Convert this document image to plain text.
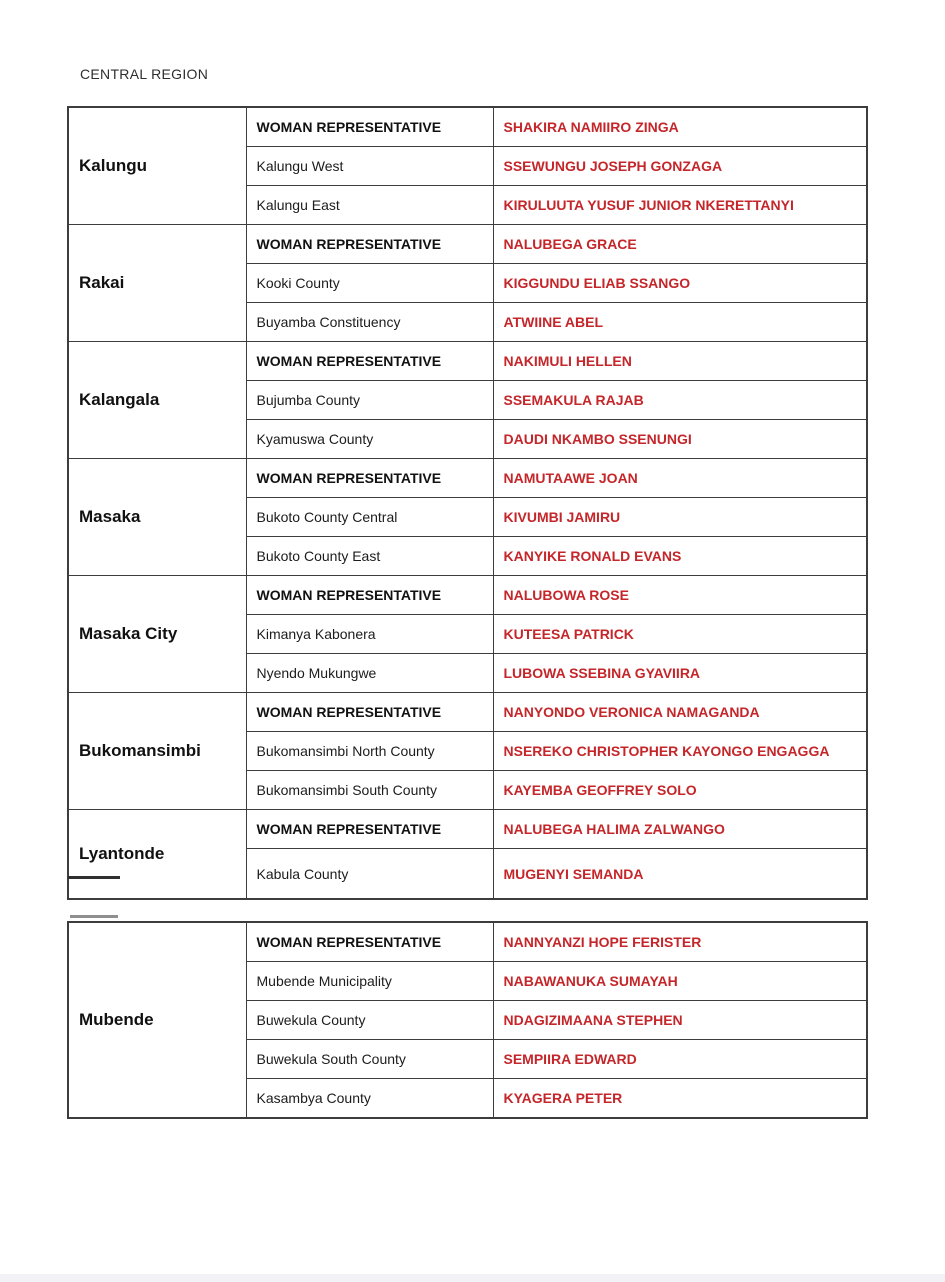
CENTRAL REGION
Kalungu	WOMAN REPRESENTATIVE	SHAKIRA NAMIIRO ZINGA
	Kalungu West	SSEWUNGU JOSEPH GONZAGA
	Kalungu East	KIRULUUTA YUSUF JUNIOR NKERETTANYI
Rakai	WOMAN REPRESENTATIVE	NALUBEGA GRACE
	Kooki County	KIGGUNDU ELIAB SSANGO
	Buyamba Constituency	ATWIINE ABEL
Kalangala	WOMAN REPRESENTATIVE	NAKIMULI HELLEN
	Bujumba County	SSEMAKULA RAJAB
	Kyamuswa County	DAUDI NKAMBO SSENUNGI
Masaka	WOMAN REPRESENTATIVE	NAMUTAAWE JOAN
	Bukoto County Central	KIVUMBI JAMIRU
	Bukoto County East	KANYIKE RONALD EVANS
Masaka City	WOMAN REPRESENTATIVE	NALUBOWA ROSE
	Kimanya Kabonera	KUTEESA PATRICK
	Nyendo Mukungwe	LUBOWA SSEBINA GYAVIIRA
Bukomansimbi	WOMAN REPRESENTATIVE	NANYONDO VERONICA NAMAGANDA
	Bukomansimbi North County	NSEREKO CHRISTOPHER KAYONGO ENGAGGA
	Bukomansimbi South County	KAYEMBA GEOFFREY SOLO
Lyantonde	WOMAN REPRESENTATIVE	NALUBEGA HALIMA ZALWANGO
	Kabula County	MUGENYI SEMANDA
Mubende	WOMAN REPRESENTATIVE	NANNYANZI HOPE FERISTER
	Mubende Municipality	NABAWANUKA SUMAYAH
	Buwekula County	NDAGIZIMAANA STEPHEN
	Buwekula South County	SEMPIIRA EDWARD
	Kasambya County	KYAGERA PETER
